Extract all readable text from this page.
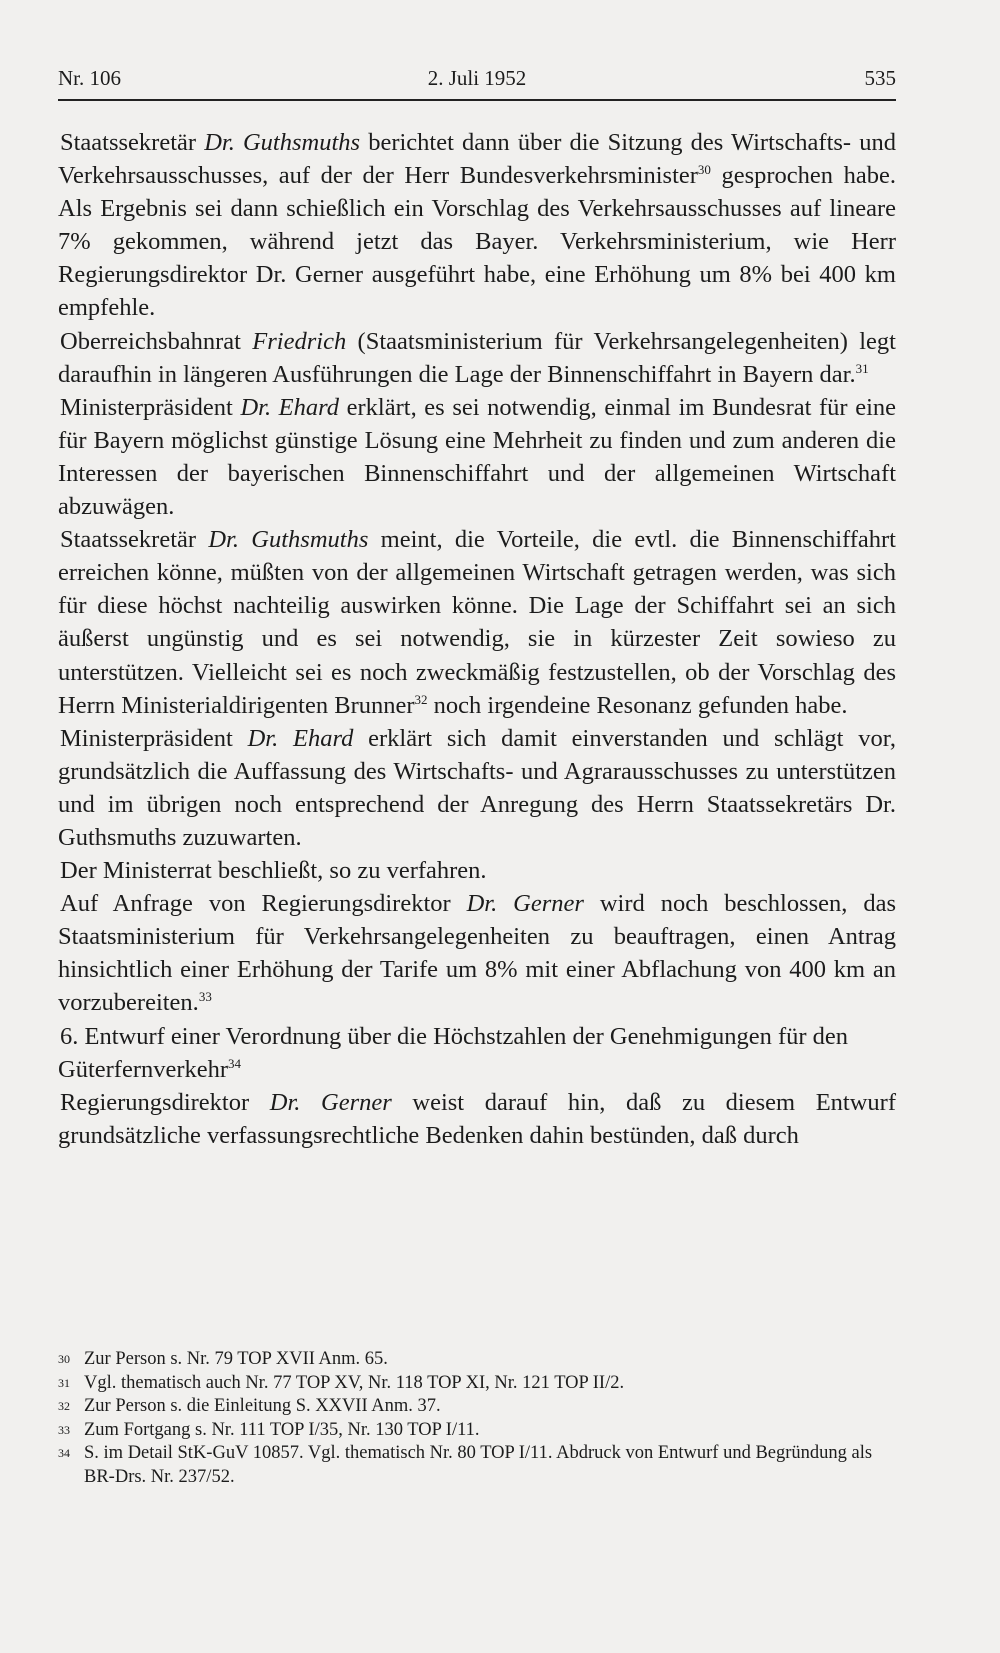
Nr. 106	2. Juli 1952	535

Staatssekretär Dr. Guthsmuths berichtet dann über die Sitzung des Wirtschafts- und Verkehrsausschusses, auf der der Herr Bundesverkehrsminister$^{30}$ gesprochen habe. Als Ergebnis sei dann schießlich ein Vorschlag des Verkehrsausschusses auf lineare 7% gekommen, während jetzt das Bayer. Verkehrsministerium, wie Herr Regierungsdirektor Dr. Gerner ausgeführt habe, eine Erhöhung um 8% bei 400 km empfehle.

Oberreichsbahnrat Friedrich (Staatsministerium für Verkehrsangelegenheiten) legt daraufhin in längeren Ausführungen die Lage der Binnenschiffahrt in Bayern dar.$^{31}$

Ministerpräsident Dr. Ehard erklärt, es sei notwendig, einmal im Bundesrat für eine für Bayern möglichst günstige Lösung eine Mehrheit zu finden und zum anderen die Interessen der bayerischen Binnenschiffahrt und der allgemeinen Wirtschaft abzuwägen.

Staatssekretär Dr. Guthsmuths meint, die Vorteile, die evtl. die Binnenschiffahrt erreichen könne, müßten von der allgemeinen Wirtschaft getragen werden, was sich für diese höchst nachteilig auswirken könne. Die Lage der Schiffahrt sei an sich äußerst ungünstig und es sei notwendig, sie in kürzester Zeit sowieso zu unterstützen. Vielleicht sei es noch zweckmäßig festzustellen, ob der Vorschlag des Herrn Ministerialdirigenten Brunner$^{32}$ noch irgendeine Resonanz gefunden habe.

Ministerpräsident Dr. Ehard erklärt sich damit einverstanden und schlägt vor, grundsätzlich die Auffassung des Wirtschafts- und Agrarausschusses zu unterstützen und im übrigen noch entsprechend der Anregung des Herrn Staatssekretärs Dr. Guthsmuths zuzuwarten.

Der Ministerrat beschließt, so zu verfahren.

Auf Anfrage von Regierungsdirektor Dr. Gerner wird noch beschlossen, das Staatsministerium für Verkehrsangelegenheiten zu beauftragen, einen Antrag hinsichtlich einer Erhöhung der Tarife um 8% mit einer Abflachung von 400 km an vorzubereiten.$^{33}$

6. Entwurf einer Verordnung über die Höchstzahlen der Genehmigungen für den Güterfernverkehr$^{34}$

Regierungsdirektor Dr. Gerner weist darauf hin, daß zu diesem Entwurf grundsätzliche verfassungsrechtliche Bedenken dahin bestünden, daß durch

30 Zur Person s. Nr. 79 TOP XVII Anm. 65.
31 Vgl. thematisch auch Nr. 77 TOP XV, Nr. 118 TOP XI, Nr. 121 TOP II/2.
32 Zur Person s. die Einleitung S. XXVII Anm. 37.
33 Zum Fortgang s. Nr. 111 TOP I/35, Nr. 130 TOP I/11.
34 S. im Detail StK-GuV 10857. Vgl. thematisch Nr. 80 TOP I/11. Abdruck von Entwurf und Begründung als BR-Drs. Nr. 237/52.
